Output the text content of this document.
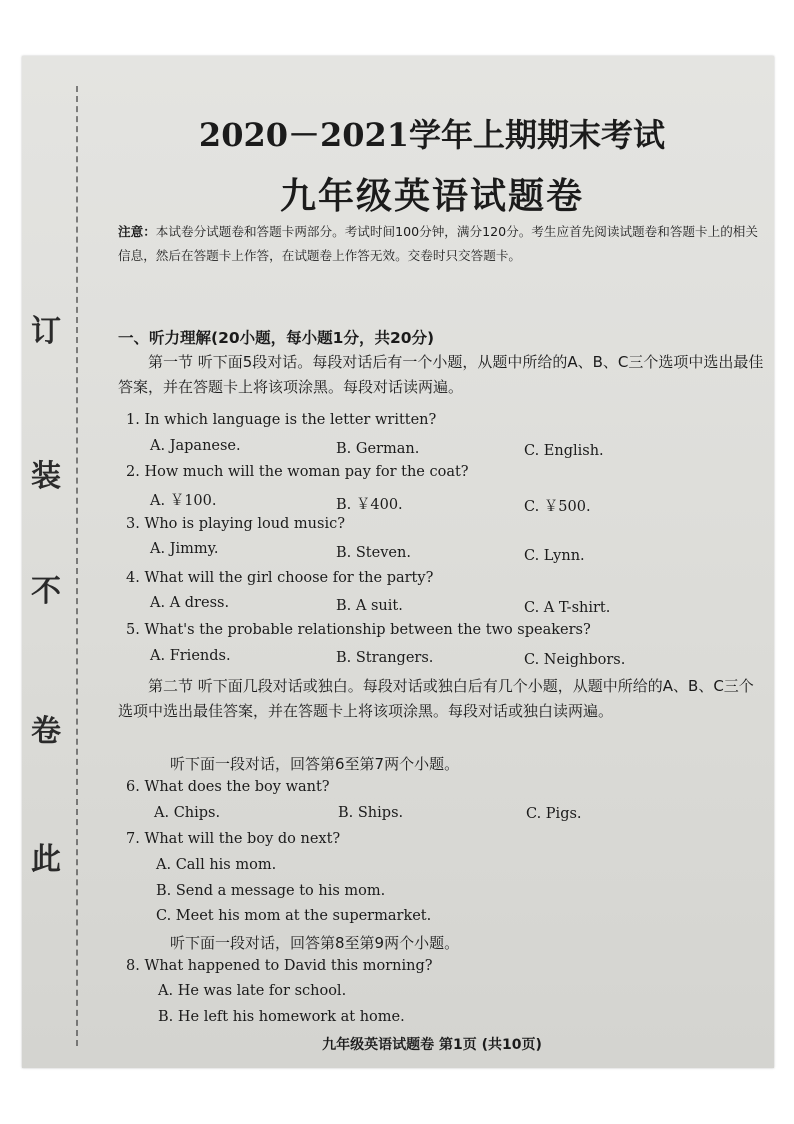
订
装
不
卷
此
2020－2021学年上期期末考试
九年级英语试题卷
注意：本试卷分试题卷和答题卡两部分。考试时间100分钟，满分120分。考生应首先阅读试题卷和答题卡上的相关信息，然后在答题卡上作答，在试题卷上作答无效。交卷时只交答题卡。
一、听力理解(20小题，每小题1分，共20分)
第一节 听下面5段对话。每段对话后有一个小题，从题中所给的A、B、C三个选项中选出最佳答案，并在答题卡上将该项涂黑。每段对话读两遍。
1. In which language is the letter written?
A. Japanese.	B. German.	C. English.
2. How much will the woman pay for the coat?
A. ￥100.	B. ￥400.	C. ￥500.
3. Who is playing loud music?
A. Jimmy.	B. Steven.	C. Lynn.
4. What will the girl choose for the party?
A. A dress.	B. A suit.	C. A T-shirt.
5. What's the probable relationship between the two speakers?
A. Friends.	B. Strangers.	C. Neighbors.
第二节 听下面几段对话或独白。每段对话或独白后有几个小题，从题中所给的A、B、C三个选项中选出最佳答案，并在答题卡上将该项涂黑。每段对话或独白读两遍。
听下面一段对话，回答第6至第7两个小题。
6. What does the boy want?
A. Chips.	B. Ships.	C. Pigs.
7. What will the boy do next?
A. Call his mom.
B. Send a message to his mom.
C. Meet his mom at the supermarket.
听下面一段对话，回答第8至第9两个小题。
8. What happened to David this morning?
A. He was late for school.
B. He left his homework at home.
九年级英语试题卷 第1页 (共10页)
